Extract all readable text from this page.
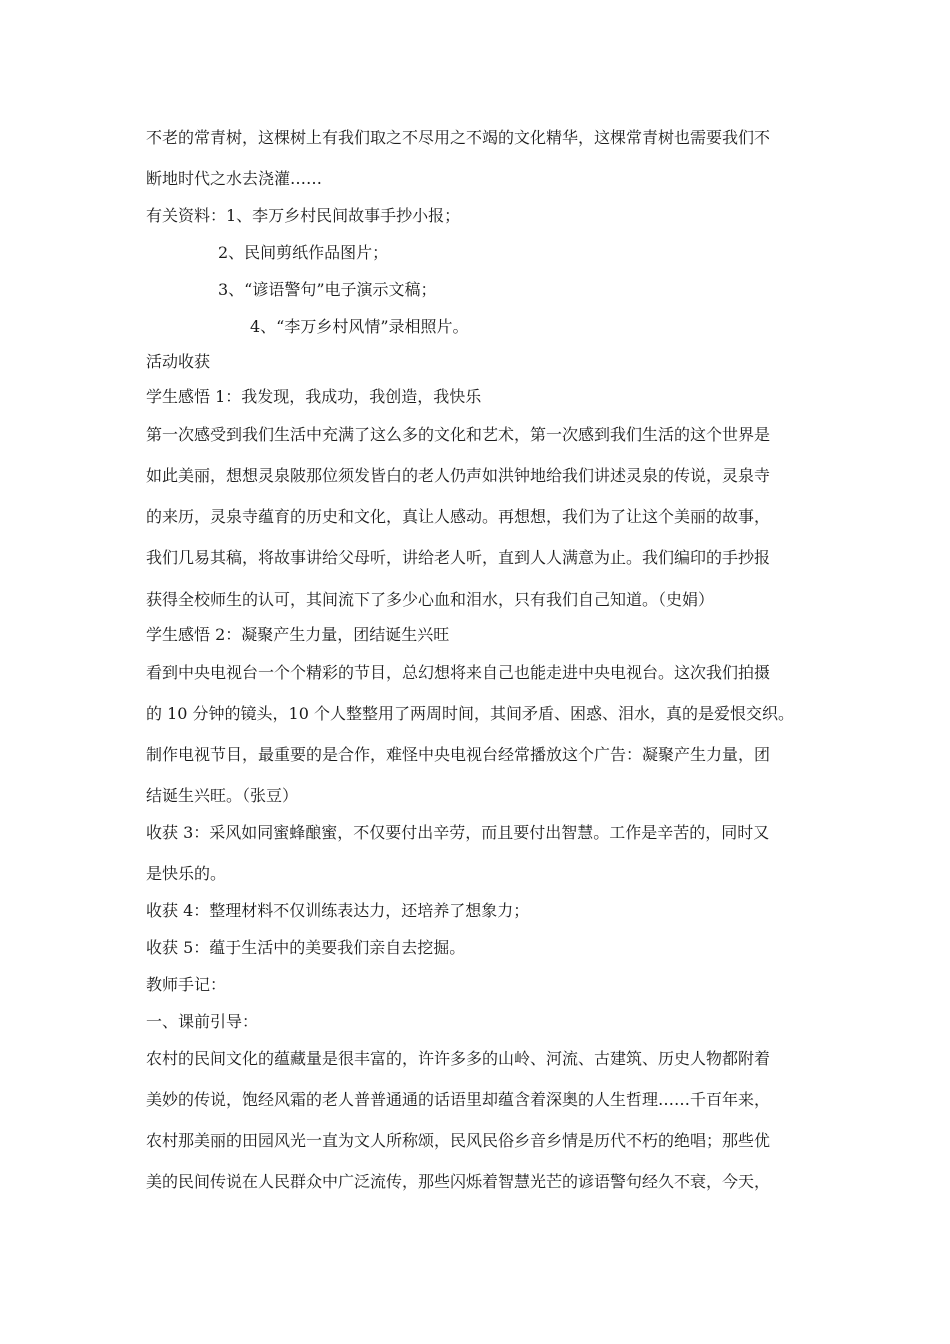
不老的常青树，这棵树上有我们取之不尽用之不竭的文化精华，这棵常青树也需要我们不
断地时代之水去浇灌……
有关资料：1、李万乡村民间故事手抄小报；
2、民间剪纸作品图片；
3、“谚语警句”电子演示文稿；
4、“李万乡村风情”录相照片。
活动收获
学生感悟 1：我发现，我成功，我创造，我快乐
第一次感受到我们生活中充满了这么多的文化和艺术，第一次感到我们生活的这个世界是
如此美丽，想想灵泉陂那位须发皆白的老人仍声如洪钟地给我们讲述灵泉的传说，灵泉寺
的来历，灵泉寺蕴育的历史和文化，真让人感动。再想想，我们为了让这个美丽的故事，
我们几易其稿，将故事讲给父母听，讲给老人听，直到人人满意为止。我们编印的手抄报
获得全校师生的认可，其间流下了多少心血和泪水，只有我们自己知道。（史娟）
学生感悟 2：凝聚产生力量，团结诞生兴旺
看到中央电视台一个个精彩的节目，总幻想将来自己也能走进中央电视台。这次我们拍摄
的 10 分钟的镜头，10 个人整整用了两周时间，其间矛盾、困惑、泪水，真的是爱恨交织。
制作电视节目，最重要的是合作，难怪中央电视台经常播放这个广告：凝聚产生力量，团
结诞生兴旺。（张豆）
收获 3：采风如同蜜蜂酿蜜，不仅要付出辛劳，而且要付出智慧。工作是辛苦的，同时又
是快乐的。
收获 4：整理材料不仅训练表达力，还培养了想象力；
收获 5：蕴于生活中的美要我们亲自去挖掘。
教师手记：
一、课前引导：
农村的民间文化的蕴藏量是很丰富的，许许多多的山岭、河流、古建筑、历史人物都附着
美妙的传说，饱经风霜的老人普普通通的话语里却蕴含着深奥的人生哲理……千百年来，
农村那美丽的田园风光一直为文人所称颂，民风民俗乡音乡情是历代不朽的绝唱；那些优
美的民间传说在人民群众中广泛流传，那些闪烁着智慧光芒的谚语警句经久不衰，今天，
